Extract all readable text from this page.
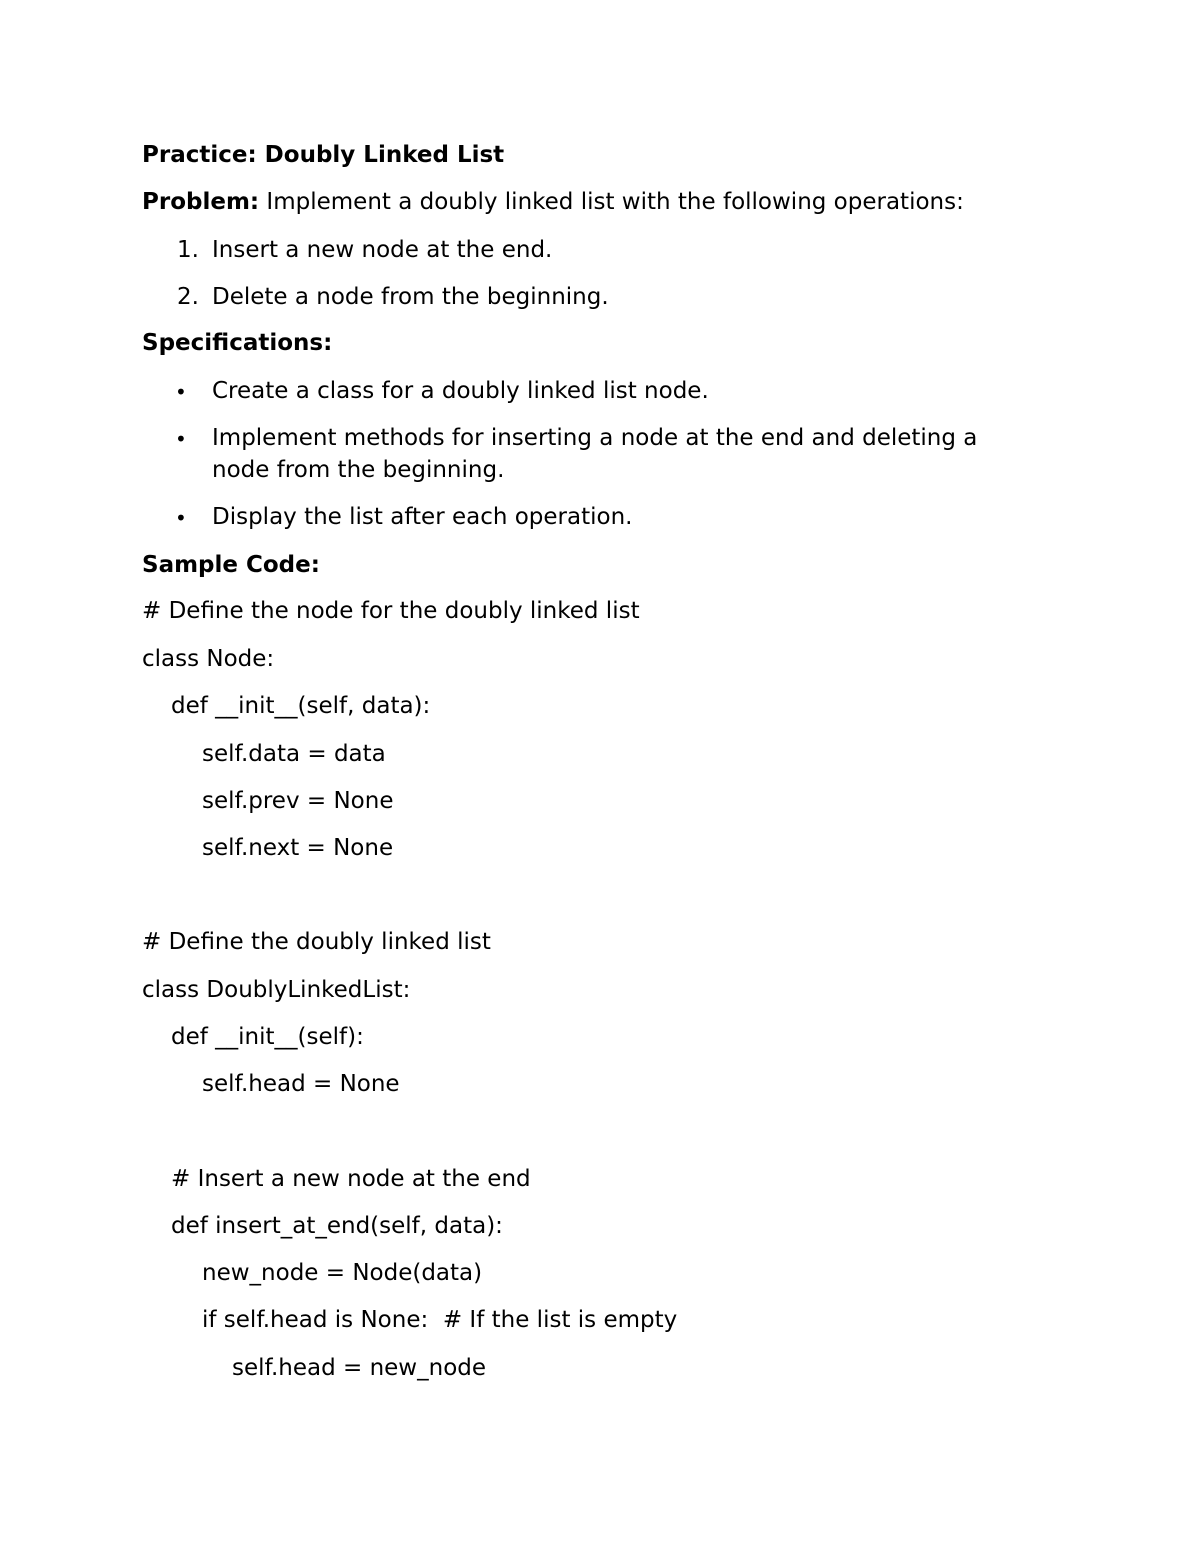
Practice: Doubly Linked List
Problem: Implement a doubly linked list with the following operations:
1. Insert a new node at the end.
2. Delete a node from the beginning.
Specifications:
• Create a class for a doubly linked list node.
• Implement methods for inserting a node at the end and deleting a
node from the beginning.
• Display the list after each operation.
Sample Code:
# Define the node for the doubly linked list
class Node:
def __init__(self, data):
self.data = data
self.prev = None
self.next = None
# Define the doubly linked list
class DoublyLinkedList:
def __init__(self):
self.head = None
# Insert a new node at the end
def insert_at_end(self, data):
new_node = Node(data)
if self.head is None:  # If the list is empty
self.head = new_node
